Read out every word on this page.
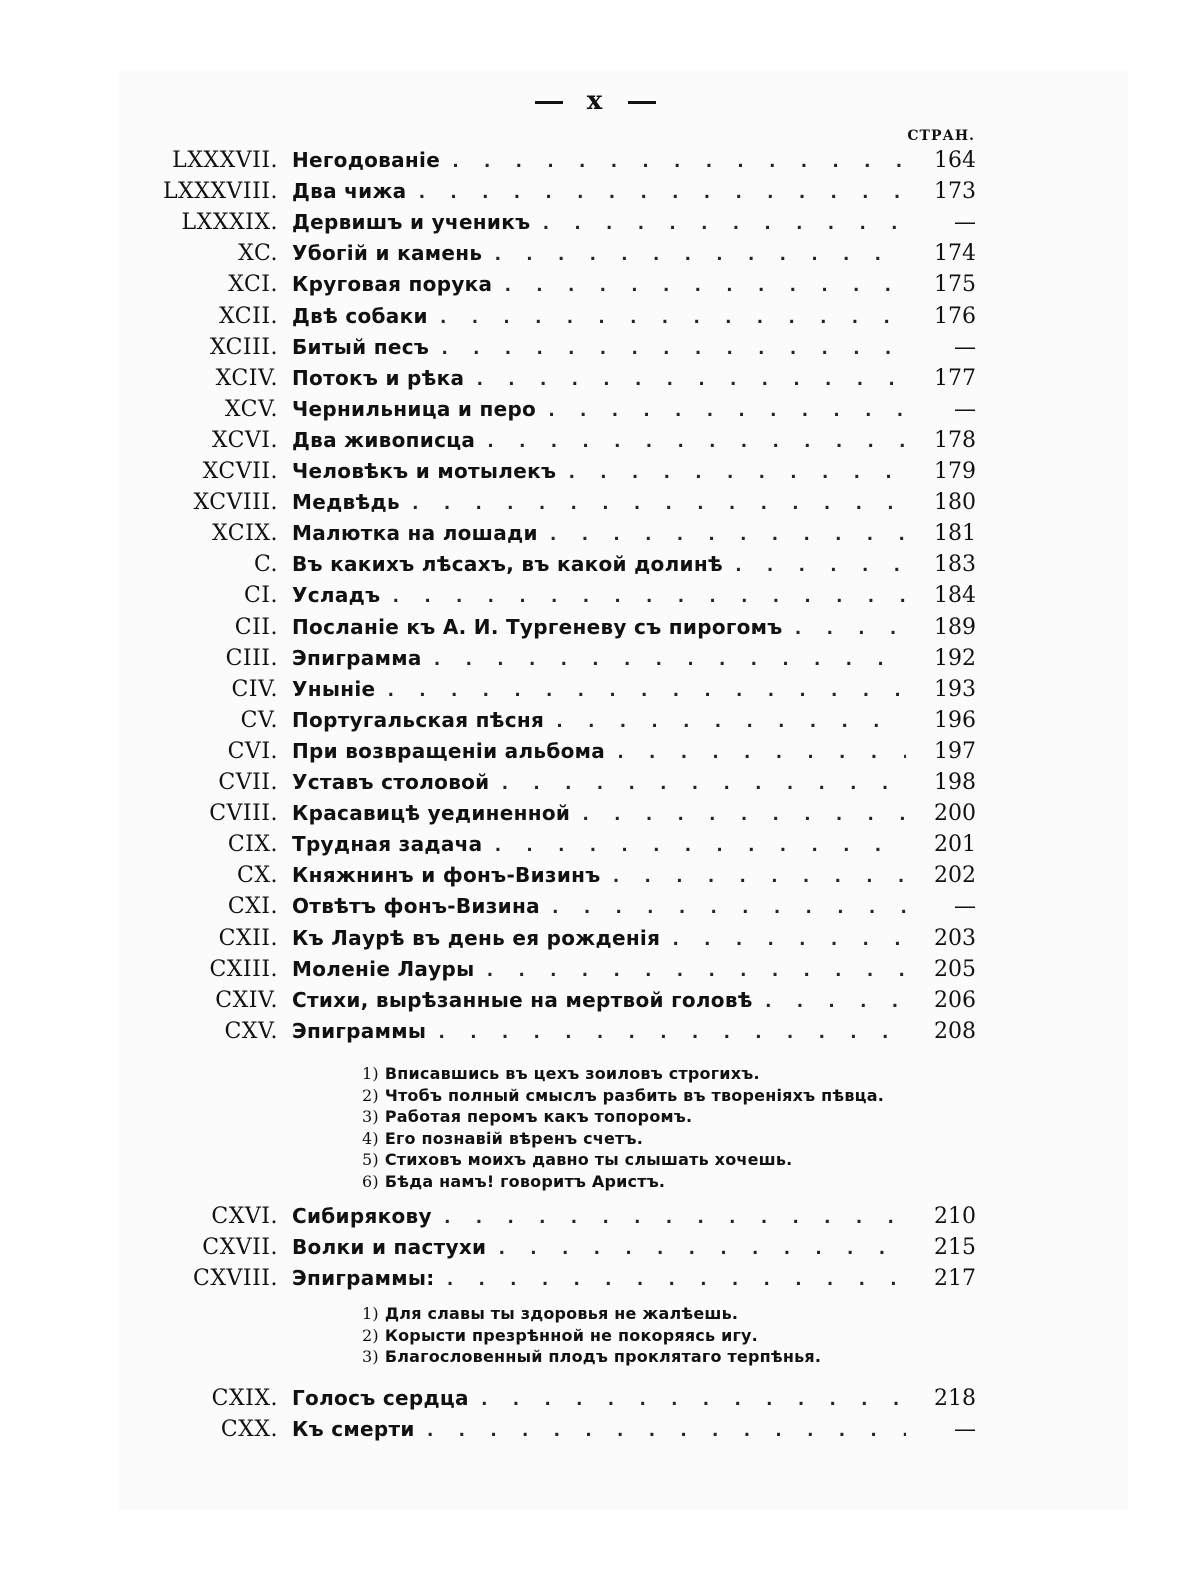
x
СТРАН.
LXXXVII. Негодованіе . . .	164
LXXXVIII. Два чижа . . .	173
LXXXIX. Дервишъ и ученикъ . . .	—
XC. Убогій и камень . . .	174
XCI. Круговая порука . . .	175
XCII. Двѣ собаки . . .	176
XCIII. Битый песъ . . .	—
XCIV. Потокъ и рѣка . . .	177
XCV. Чернильница и перо . . .	—
XCVI. Два живописца . . .	178
XCVII. Человѣкъ и мотылекъ . . .	179
XCVIII. Медвѣдь . . .	180
XCIX. Малютка на лошади . . .	181
C. Въ какихъ лѣсахъ, въ какой долинѣ . . .	183
CI. Усладъ . . .	184
CII. Посланіе къ А. И. Тургеневу съ пирогомъ . . .	189
CIII. Эпиграмма . . .	192
CIV. Унынiе . . .	193
CV. Португальская пѣсня . . .	196
CVI. При возвращеніи альбома . . .	197
CVII. Уставъ столовой . . .	198
CVIII. Красавицѣ уединенной . . .	200
CIX. Трудная задача . . .	201
CX. Княжнинъ и фонъ-Визинъ . . .	202
CXI. Отвѣтъ фонъ-Визина . . .	—
CXII. Къ Лаурѣ въ день ея рожденія . . .	203
CXIII. Моленіе Лауры . . .	205
CXIV. Стихи, вырѣзанные на мертвой головѣ . . .	206
CXV. Эпиграммы . . .	208
1) Вписавшись въ цехъ зоиловъ строгихъ.
2) Чтобъ полный смыслъ разбить въ твореніяхъ пѣвца.
3) Работая перомъ какъ топоромъ.
4) Его познавій вѣренъ счетъ.
5) Стиховъ моихъ давно ты слышать хочешь.
6) Бѣда намъ! говоритъ Аристъ.
CXVI. Сибирякову . . .	210
CXVII. Волки и пастухи . . .	215
CXVIII. Эпиграммы: . . .	217
1) Для славы ты здоровья не жалѣешь.
2) Корысти презрѣнной не покоряясь игу.
3) Благословенный плодъ проклятаго терпѣнья.
CXIX. Голосъ сердца . . .	218
CXX. Къ смерти . . .	—
